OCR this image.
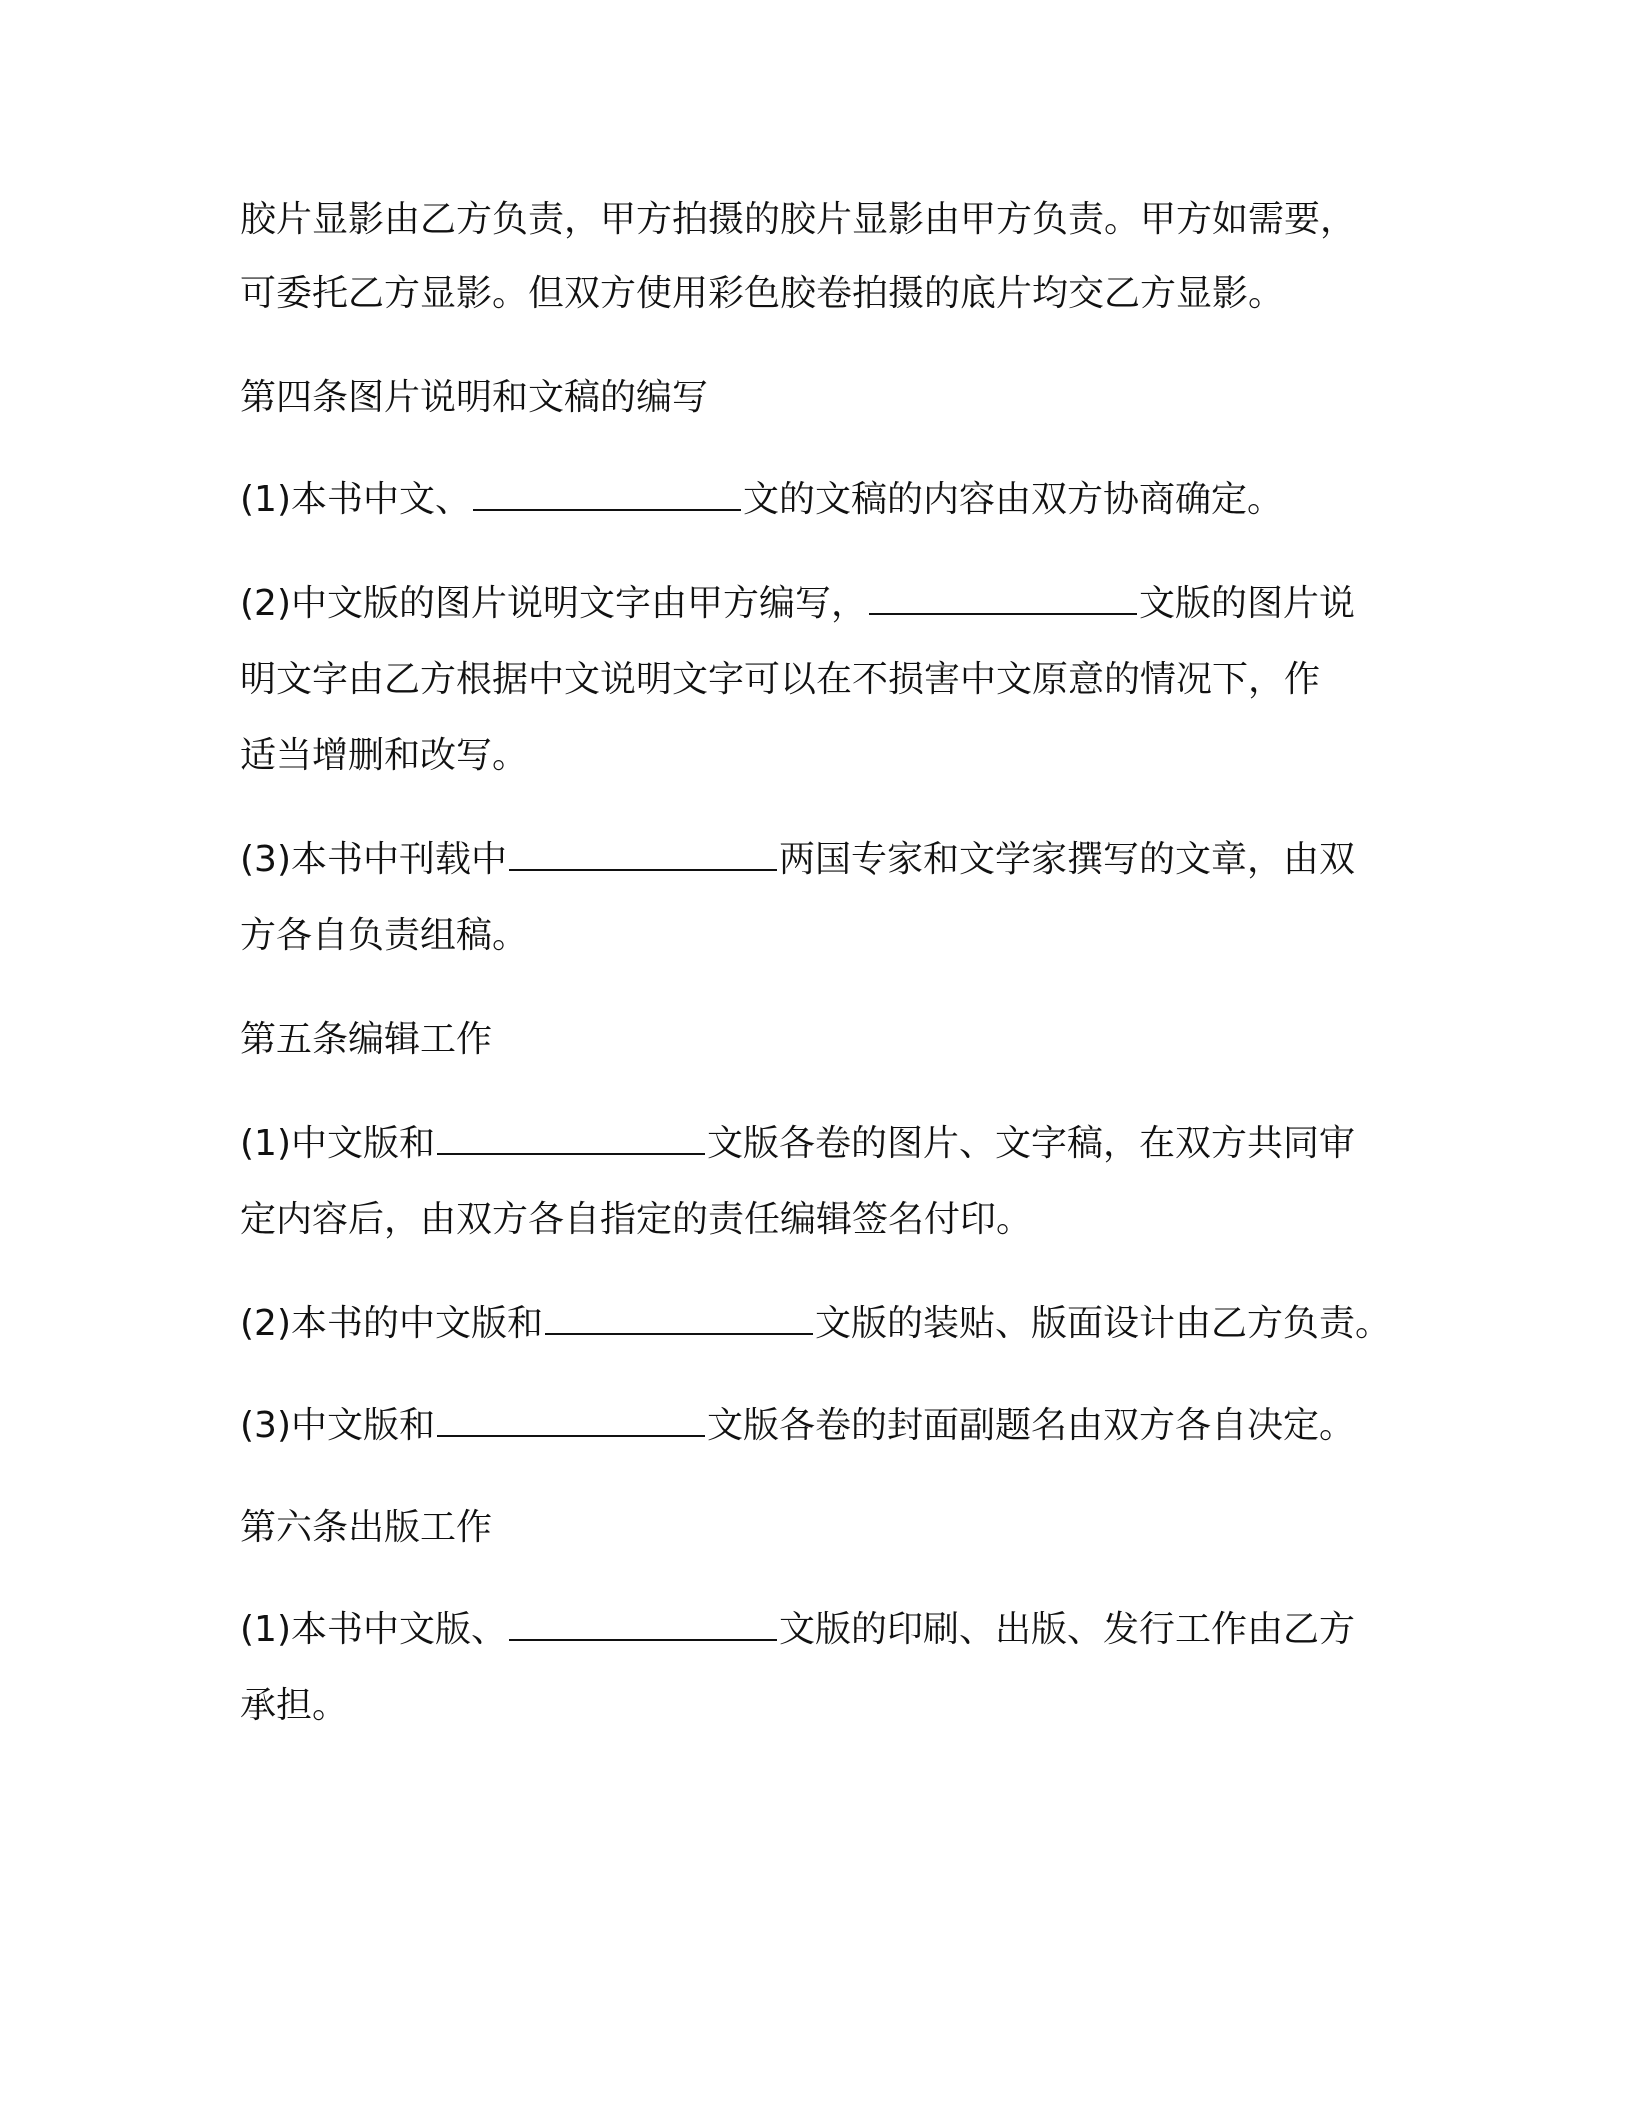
胶片显影由乙方负责，甲方拍摄的胶片显影由甲方负责。甲方如需要，
可委托乙方显影。但双方使用彩色胶卷拍摄的底片均交乙方显影。
第四条图片说明和文稿的编写
(1)本书中文、	文的文稿的内容由双方协商确定。
(2)中文版的图片说明文字由甲方编写，	文版的图片说
明文字由乙方根据中文说明文字可以在不损害中文原意的情况下，作
适当增删和改写。
(3)本书中刊载中	两国专家和文学家撰写的文章，由双
方各自负责组稿。
第五条编辑工作
(1)中文版和	文版各卷的图片、文字稿，在双方共同审
定内容后，由双方各自指定的责任编辑签名付印。
(2)本书的中文版和	文版的装贴、版面设计由乙方负责。
(3)中文版和	文版各卷的封面副题名由双方各自决定。
第六条出版工作
(1)本书中文版、	文版的印刷、出版、发行工作由乙方
承担。
